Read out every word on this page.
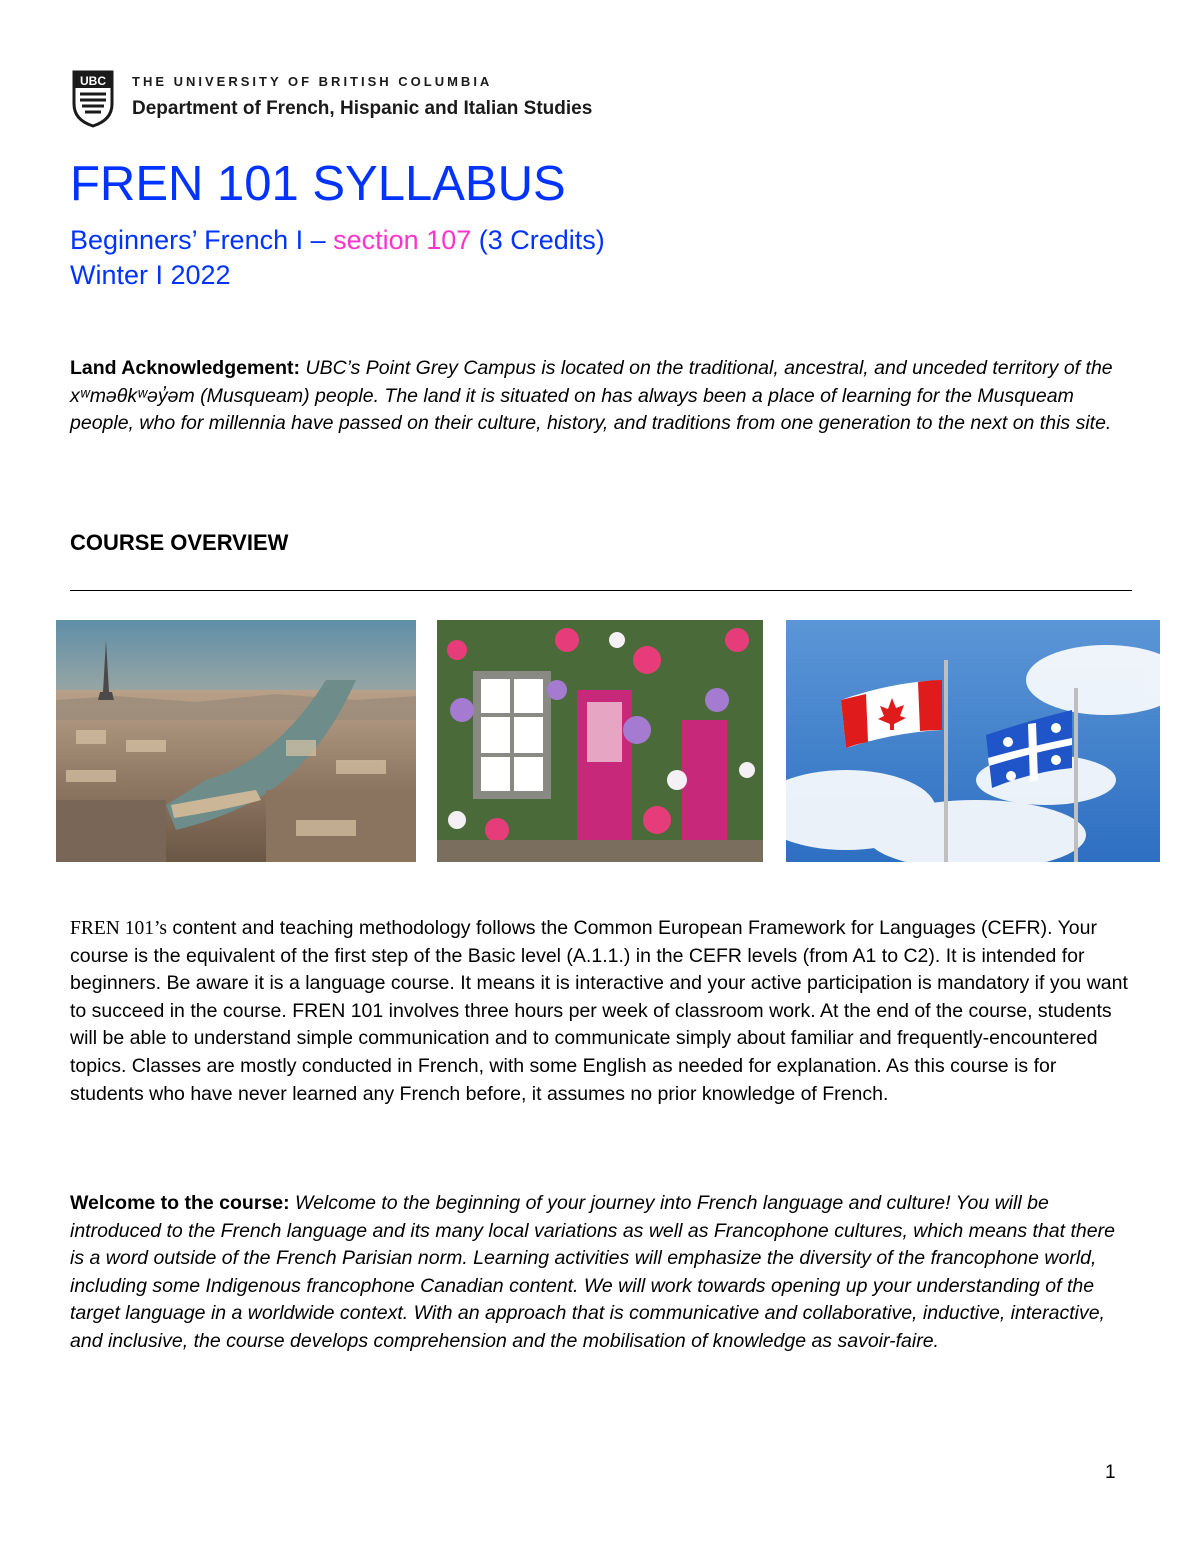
UBC THE UNIVERSITY OF BRITISH COLUMBIA
Department of French, Hispanic and Italian Studies
FREN 101 SYLLABUS
Beginners’ French I – section 107 (3 Credits)
Winter I 2022

Land Acknowledgement: UBC’s Point Grey Campus is located on the traditional, ancestral, and unceded territory of the xʷməθkʷəy̓əm (Musqueam) people. The land it is situated on has always been a place of learning for the Musqueam people, who for millennia have passed on their culture, history, and traditions from one generation to the next on this site.

COURSE OVERVIEW

FREN 101’s content and teaching methodology follows the Common European Framework for Languages (CEFR). Your course is the equivalent of the first step of the Basic level (A.1.1.) in the CEFR levels (from A1 to C2). It is intended for beginners. Be aware it is a language course. It means it is interactive and your active participation is mandatory if you want to succeed in the course. FREN 101 involves three hours per week of classroom work. At the end of the course, students will be able to understand simple communication and to communicate simply about familiar and frequently-encountered topics. Classes are mostly conducted in French, with some English as needed for explanation. As this course is for students who have never learned any French before, it assumes no prior knowledge of French.

Welcome to the course: Welcome to the beginning of your journey into French language and culture! You will be introduced to the French language and its many local variations as well as Francophone cultures, which means that there is a word outside of the French Parisian norm. Learning activities will emphasize the diversity of the francophone world, including some Indigenous francophone Canadian content. We will work towards opening up your understanding of the target language in a worldwide context. With an approach that is communicative and collaborative, inductive, interactive, and inclusive, the course develops comprehension and the mobilisation of knowledge as savoir-faire.

1
